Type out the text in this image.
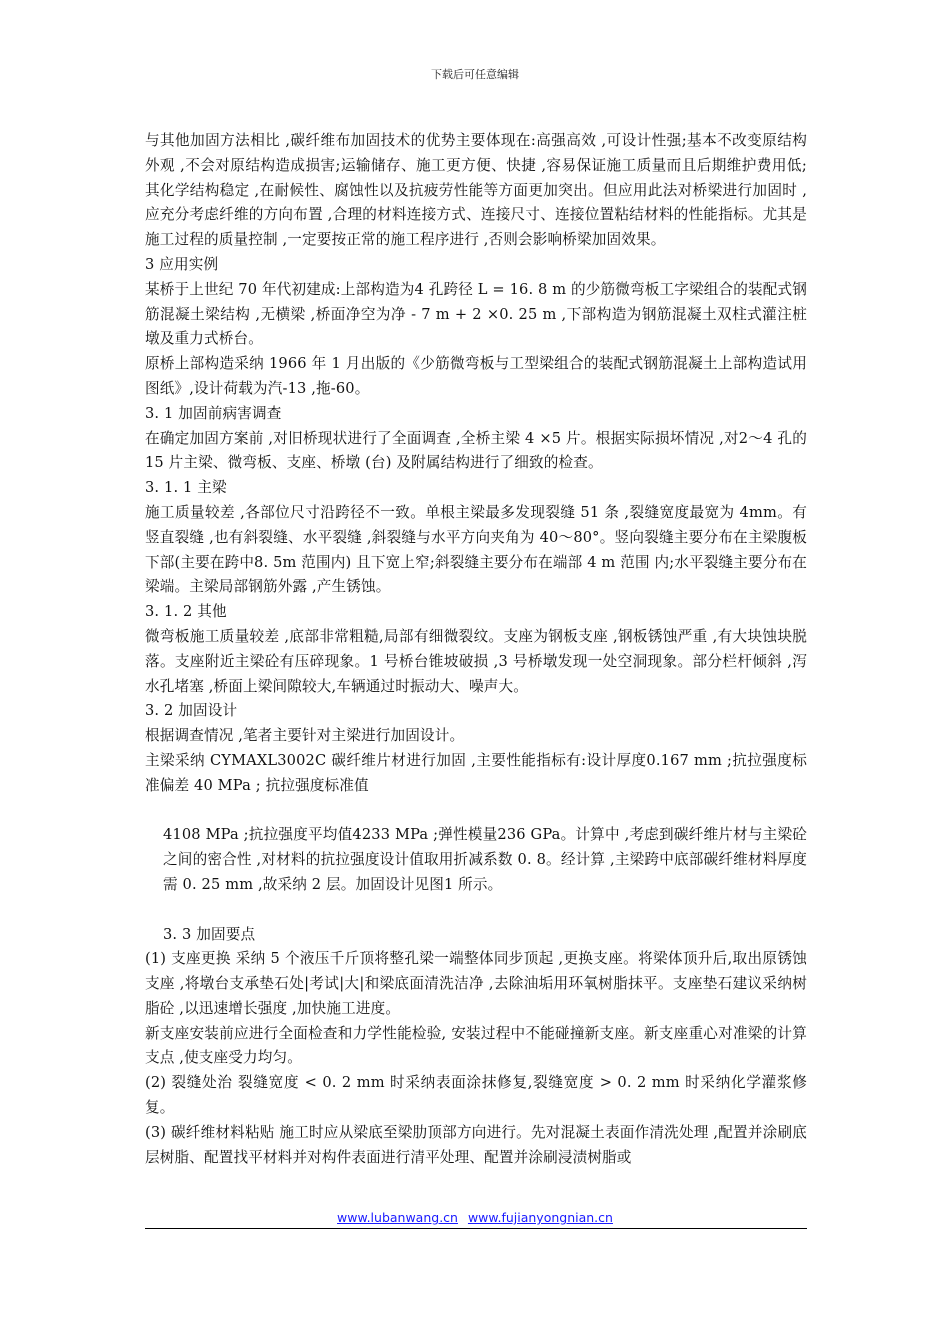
下载后可任意编辑

与其他加固方法相比 ,碳纤维布加固技术的优势主要体现在:高强高效 ,可设计性强;基本不改变原结构外观 ,不会对原结构造成损害;运输储存、施工更方便、快捷 ,容易保证施工质量而且后期维护费用低;其化学结构稳定 ,在耐候性、腐蚀性以及抗疲劳性能等方面更加突出。但应用此法对桥梁进行加固时 ,应充分考虑纤维的方向布置 ,合理的材料连接方式、连接尺寸、连接位置粘结材料的性能指标。尤其是施工过程的质量控制 ,一定要按正常的施工程序进行 ,否则会影响桥梁加固效果。

3 应用实例

某桥于上世纪 70 年代初建成:上部构造为4 孔跨径 L = 16. 8 m 的少筋微弯板工字梁组合的装配式钢筋混凝土梁结构 ,无横梁 ,桥面净空为净 - 7 m + 2 ×0. 25 m ,下部构造为钢筋混凝土双柱式灌注桩墩及重力式桥台。

原桥上部构造采纳 1966 年 1 月出版的《少筋微弯板与工型梁组合的装配式钢筋混凝土上部构造试用图纸》,设计荷载为汽-13 ,拖-60。

3. 1 加固前病害调查

在确定加固方案前 ,对旧桥现状进行了全面调查 ,全桥主梁 4 ×5 片。根据实际损坏情况 ,对2～4 孔的 15 片主梁、微弯板、支座、桥墩 (台) 及附属结构进行了细致的检查。

3. 1. 1 主梁

施工质量较差 ,各部位尺寸沿跨径不一致。单根主梁最多发现裂缝 51 条 ,裂缝宽度最宽为 4mm。有竖直裂缝 ,也有斜裂缝、水平裂缝 ,斜裂缝与水平方向夹角为 40～80°。竖向裂缝主要分布在主梁腹板下部(主要在跨中8. 5m 范围内) 且下宽上窄;斜裂缝主要分布在端部 4 m 范围 内;水平裂缝主要分布在梁端。主梁局部钢筋外露 ,产生锈蚀。

3. 1. 2 其他

微弯板施工质量较差 ,底部非常粗糙,局部有细微裂纹。支座为钢板支座 ,钢板锈蚀严重 ,有大块蚀块脱落。支座附近主梁砼有压碎现象。1 号桥台锥坡破损 ,3 号桥墩发现一处空洞现象。部分栏杆倾斜 ,泻水孔堵塞 ,桥面上梁间隙较大,车辆通过时振动大、噪声大。

3. 2 加固设计

根据调查情况 ,笔者主要针对主梁进行加固设计。

主梁采纳 CYMAXL3002C 碳纤维片材进行加固 ,主要性能指标有:设计厚度0.167 mm ;抗拉强度标准偏差 40 MPa ; 抗拉强度标准值

4108 MPa ;抗拉强度平均值4233 MPa ;弹性模量236 GPa。计算中 ,考虑到碳纤维片材与主梁砼之间的密合性 ,对材料的抗拉强度设计值取用折减系数 0. 8。经计算 ,主梁跨中底部碳纤维材料厚度需 0. 25 mm ,故采纳 2 层。加固设计见图1 所示。

3. 3 加固要点

(1) 支座更换 采纳 5 个液压千斤顶将整孔梁一端整体同步顶起 ,更换支座。将梁体顶升后,取出原锈蚀支座 ,将墩台支承垫石处|考试|大|和梁底面清洗洁净 ,去除油垢用环氧树脂抹平。支座垫石建议采纳树脂砼 ,以迅速增长强度 ,加快施工进度。

新支座安装前应进行全面检查和力学性能检验, 安装过程中不能碰撞新支座。新支座重心对准梁的计算支点 ,使支座受力均匀。

(2) 裂缝处治 裂缝宽度 < 0. 2 mm 时采纳表面涂抹修复,裂缝宽度 > 0. 2 mm 时采纳化学灌浆修复。

(3) 碳纤维材料粘贴 施工时应从梁底至梁肋顶部方向进行。先对混凝土表面作清洗处理 ,配置并涂刷底层树脂、配置找平材料并对构件表面进行清平处理、配置并涂刷浸渍树脂或

www.lubanwang.cn www.fujianyongnian.cn
